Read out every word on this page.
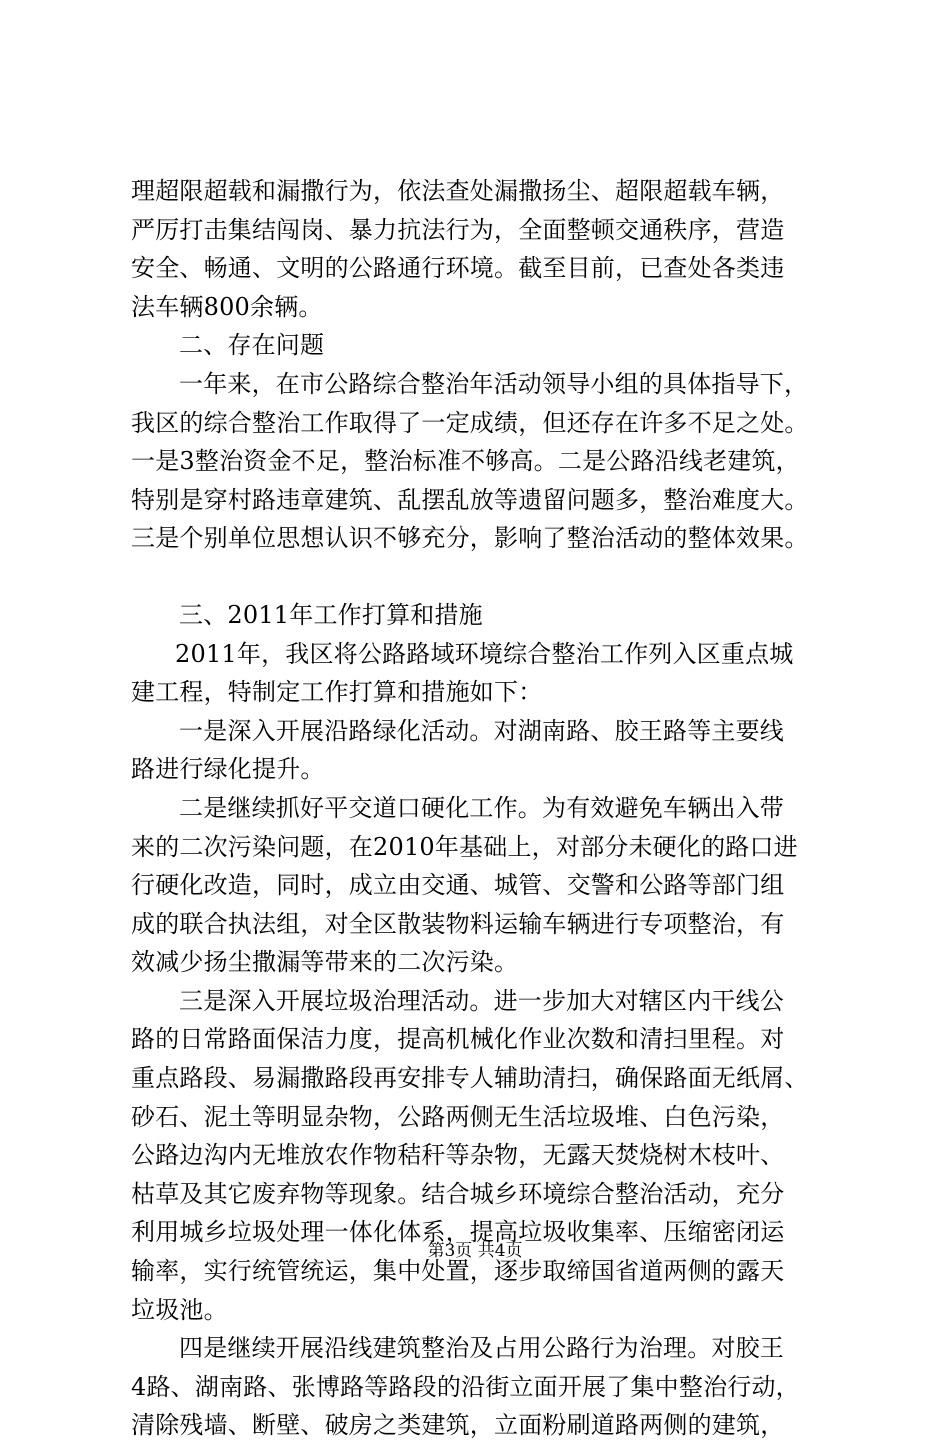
理超限超载和漏撒行为，依法查处漏撒扬尘、超限超载车辆，
严厉打击集结闯岗、暴力抗法行为，全面整顿交通秩序，营造
安全、畅通、文明的公路通行环境。截至目前，已查处各类违
法车辆800余辆。
二、存在问题
一年来，在市公路综合整治年活动领导小组的具体指导下，
我区的综合整治工作取得了一定成绩，但还存在许多不足之处。
一是3整治资金不足，整治标准不够高。二是公路沿线老建筑，
特别是穿村路违章建筑、乱摆乱放等遗留问题多，整治难度大。
三是个别单位思想认识不够充分，影响了整治活动的整体效果。
三、2011年工作打算和措施
2011年，我区将公路路域环境综合整治工作列入区重点城
建工程，特制定工作打算和措施如下：
一是深入开展沿路绿化活动。对湖南路、胶王路等主要线
路进行绿化提升。
二是继续抓好平交道口硬化工作。为有效避免车辆出入带
来的二次污染问题，在2010年基础上，对部分未硬化的路口进
行硬化改造，同时，成立由交通、城管、交警和公路等部门组
成的联合执法组，对全区散装物料运输车辆进行专项整治，有
效减少扬尘撒漏等带来的二次污染。
三是深入开展垃圾治理活动。进一步加大对辖区内干线公
路的日常路面保洁力度，提高机械化作业次数和清扫里程。对
重点路段、易漏撒路段再安排专人辅助清扫，确保路面无纸屑、
砂石、泥土等明显杂物，公路两侧无生活垃圾堆、白色污染，
公路边沟内无堆放农作物秸秆等杂物，无露天焚烧树木枝叶、
枯草及其它废弃物等现象。结合城乡环境综合整治活动，充分
利用城乡垃圾处理一体化体系，提高垃圾收集率、压缩密闭运
输率，实行统管统运，集中处置，逐步取缔国省道两侧的露天
垃圾池。
四是继续开展沿线建筑整治及占用公路行为治理。对胶王
4路、湖南路、张博路等路段的沿街立面开展了集中整治行动，
清除残墙、断壁、破房之类建筑，立面粉刷道路两侧的建筑，
第3页 共4页
